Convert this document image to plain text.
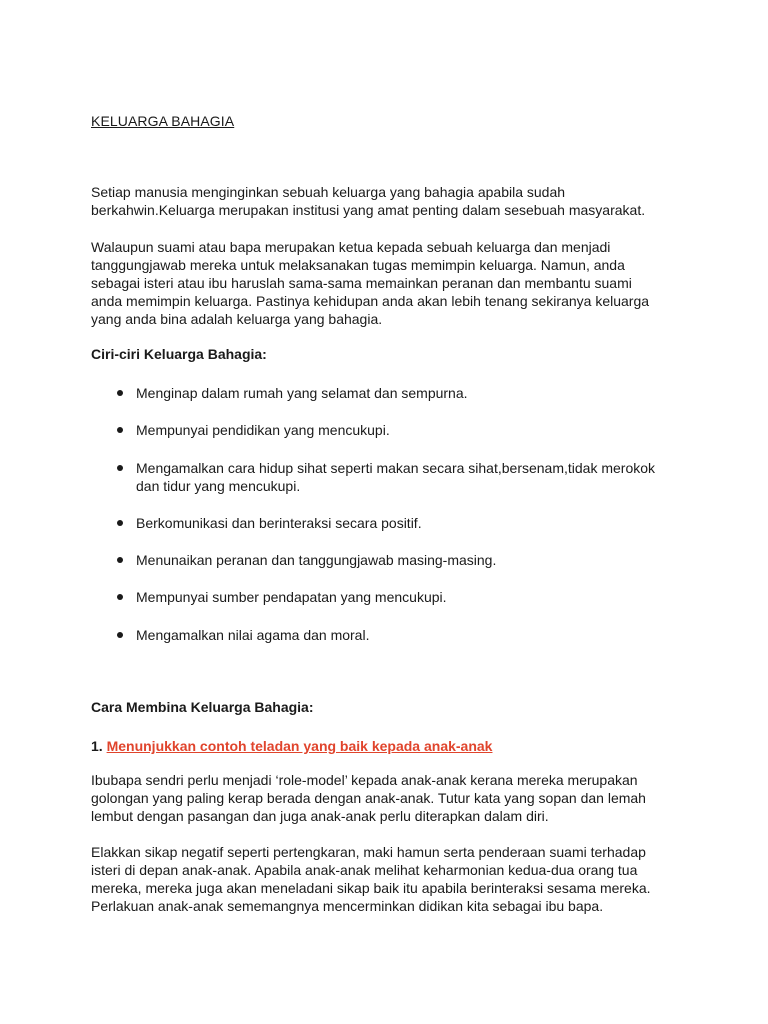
KELUARGA BAHAGIA

Setiap manusia menginginkan sebuah keluarga yang bahagia apabila sudah
berkahwin.Keluarga merupakan institusi yang amat penting dalam sesebuah masyarakat.

Walaupun suami atau bapa merupakan ketua kepada sebuah keluarga dan menjadi
tanggungjawab mereka untuk melaksanakan tugas memimpin keluarga. Namun, anda
sebagai isteri atau ibu haruslah sama-sama memainkan peranan dan membantu suami
anda memimpin keluarga. Pastinya kehidupan anda akan lebih tenang sekiranya keluarga
yang anda bina adalah keluarga yang bahagia.

Ciri-ciri Keluarga Bahagia:
Menginap dalam rumah yang selamat dan sempurna.
Mempunyai pendidikan yang mencukupi.
Mengamalkan cara hidup sihat seperti makan secara sihat,bersenam,tidak merokok
dan tidur yang mencukupi.
Berkomunikasi dan berinteraksi secara positif.
Menunaikan peranan dan tanggungjawab masing-masing.
Mempunyai sumber pendapatan yang mencukupi.
Mengamalkan nilai agama dan moral.
Cara Membina Keluarga Bahagia:
1. Menunjukkan contoh teladan yang baik kepada anak-anak

Ibubapa sendri perlu menjadi ‘role-model’ kepada anak-anak kerana mereka merupakan
golongan yang paling kerap berada dengan anak-anak. Tutur kata yang sopan dan lemah
lembut dengan pasangan dan juga anak-anak perlu diterapkan dalam diri.

Elakkan sikap negatif seperti pertengkaran, maki hamun serta penderaan suami terhadap
isteri di depan anak-anak. Apabila anak-anak melihat keharmonian kedua-dua orang tua
mereka, mereka juga akan meneladani sikap baik itu apabila berinteraksi sesama mereka.
Perlakuan anak-anak sememangnya mencerminkan didikan kita sebagai ibu bapa.
